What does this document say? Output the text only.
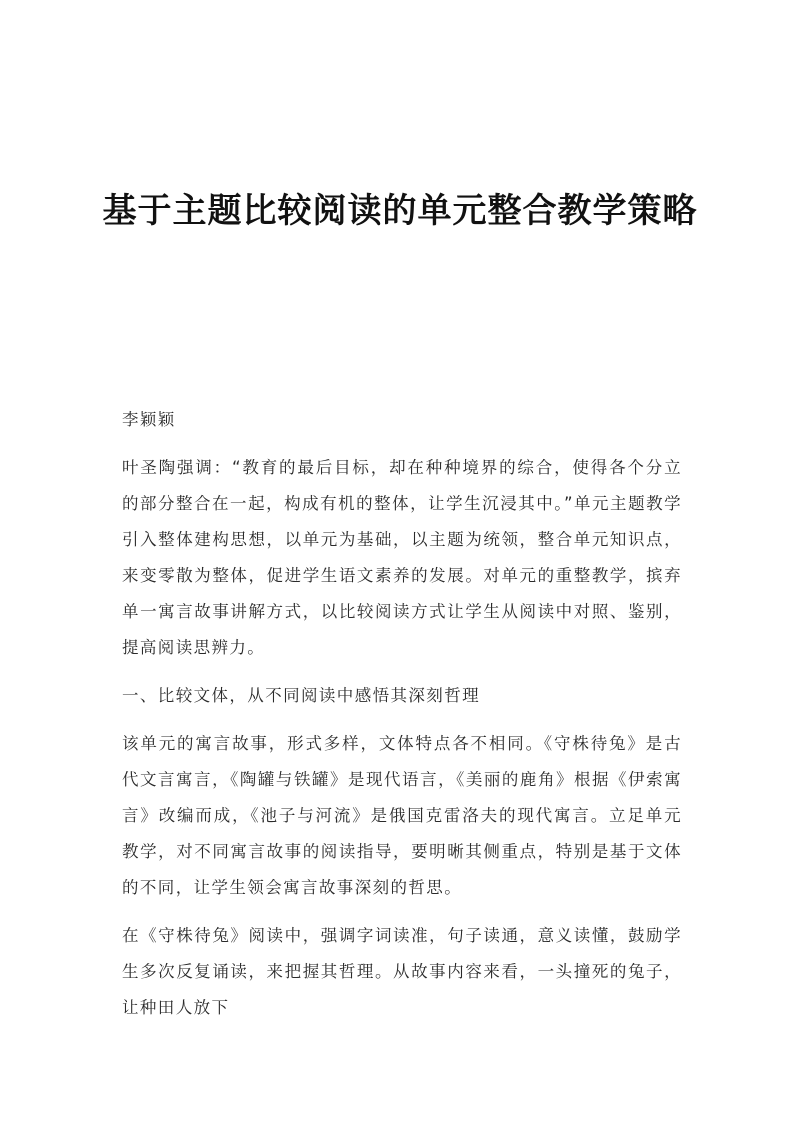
基于主题比较阅读的单元整合教学策略

李颖颖

叶圣陶强调：“教育的最后目标，却在种种境界的综合，使得各个分立的部分整合在一起，构成有机的整体，让学生沉浸其中。”单元主题教学引入整体建构思想，以单元为基础，以主题为统领，整合单元知识点，来变零散为整体，促进学生语文素养的发展。对单元的重整教学，摈弃单一寓言故事讲解方式，以比较阅读方式让学生从阅读中对照、鉴别，提高阅读思辨力。

一、比较文体，从不同阅读中感悟其深刻哲理

该单元的寓言故事，形式多样，文体特点各不相同。《守株待兔》是古代文言寓言，《陶罐与铁罐》是现代语言，《美丽的鹿角》根据《伊索寓言》改编而成，《池子与河流》是俄国克雷洛夫的现代寓言。立足单元教学，对不同寓言故事的阅读指导，要明晰其侧重点，特别是基于文体的不同，让学生领会寓言故事深刻的哲思。

在《守株待兔》阅读中，强调字词读准，句子读通，意义读懂，鼓励学生多次反复诵读，来把握其哲理。从故事内容来看，一头撞死的兔子，让种田人放下
